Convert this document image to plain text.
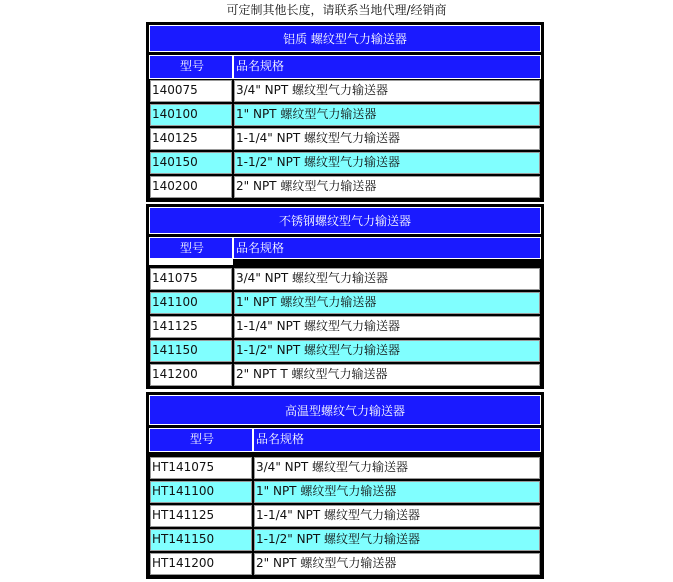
可定制其他长度，请联系当地代理/经销商
铝质 螺纹型气力输送器
型号	品名规格
140075	3/4" NPT 螺纹型气力输送器
140100	1" NPT 螺纹型气力输送器
140125	1-1/4" NPT 螺纹型气力输送器
140150	1-1/2" NPT 螺纹型气力输送器
140200	2" NPT 螺纹型气力输送器
不锈钢螺纹型气力输送器
型号	品名规格
141075	3/4" NPT 螺纹型气力输送器
141100	1" NPT 螺纹型气力输送器
141125	1-1/4" NPT 螺纹型气力输送器
141150	1-1/2" NPT 螺纹型气力输送器
141200	2" NPT T 螺纹型气力输送器
高温型螺纹气力输送器
型号	品名规格
HT141075	3/4" NPT 螺纹型气力输送器
HT141100	1" NPT 螺纹型气力输送器
HT141125	1-1/4" NPT 螺纹型气力输送器
HT141150	1-1/2" NPT 螺纹型气力输送器
HT141200	2" NPT 螺纹型气力输送器
